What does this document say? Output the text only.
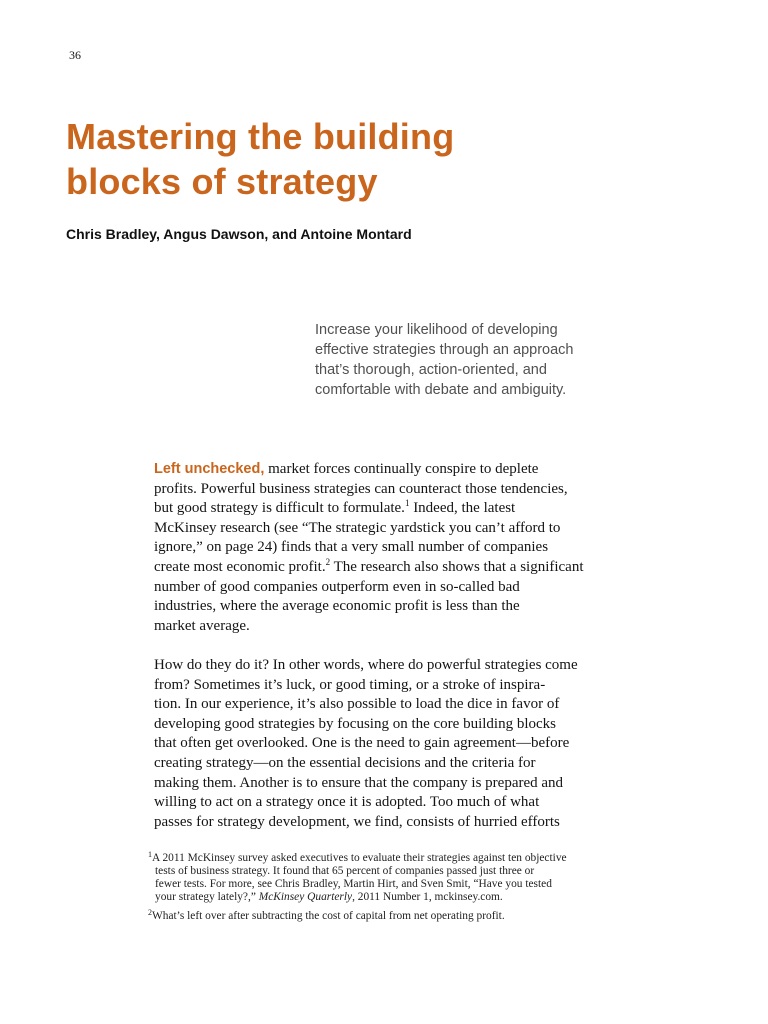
36
Mastering the building
blocks of strategy
Chris Bradley, Angus Dawson, and Antoine Montard
Increase your likelihood of developing
effective strategies through an approach
that’s thorough, action-oriented, and
comfortable with debate and ambiguity.

Left unchecked, market forces continually conspire to deplete
profits. Powerful business strategies can counteract those tendencies,
but good strategy is difficult to formulate.$^1$ Indeed, the latest
McKinsey research (see “The strategic yardstick you can’t afford to
ignore,” on page 24) finds that a very small number of companies
create most economic profit.$^2$ The research also shows that a significant
number of good companies outperform even in so-called bad
industries, where the average economic profit is less than the
market average.

How do they do it? In other words, where do powerful strategies come
from? Sometimes it’s luck, or good timing, or a stroke of inspira-
tion. In our experience, it’s also possible to load the dice in favor of
developing good strategies by focusing on the core building blocks
that often get overlooked. One is the need to gain agreement—before
creating strategy—on the essential decisions and the criteria for
making them. Another is to ensure that the company is prepared and
willing to act on a strategy once it is adopted. Too much of what
passes for strategy development, we find, consists of hurried efforts

$^1$A 2011 McKinsey survey asked executives to evaluate their strategies against ten objective
tests of business strategy. It found that 65 percent of companies passed just three or
fewer tests. For more, see Chris Bradley, Martin Hirt, and Sven Smit, “Have you tested
your strategy lately?,” McKinsey Quarterly, 2011 Number 1, mckinsey.com.

$^2$What’s left over after subtracting the cost of capital from net operating profit.
